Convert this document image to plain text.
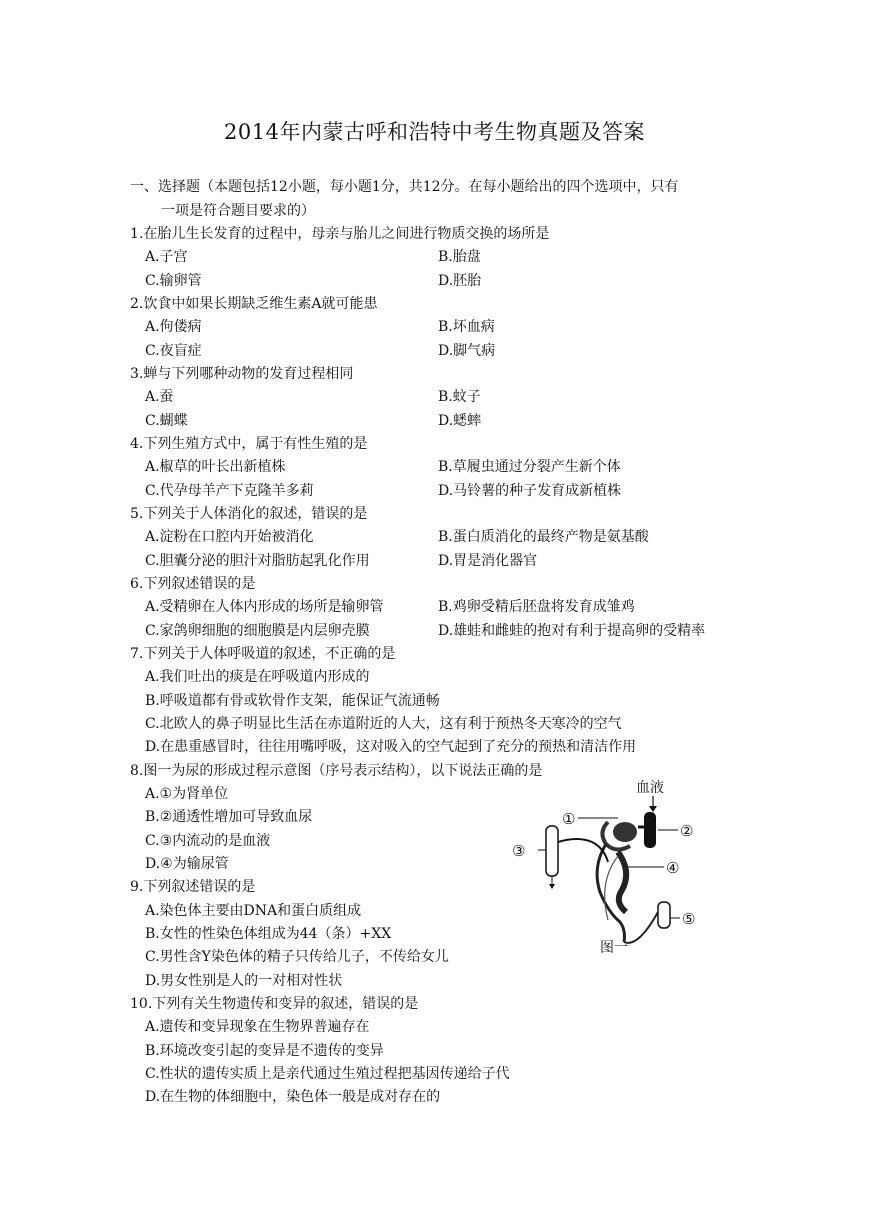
2014年内蒙古呼和浩特中考生物真题及答案
一、选择题（本题包括12小题，每小题1分，共12分。在每小题给出的四个选项中，只有
一项是符合题目要求的）
1.在胎儿生长发育的过程中，母亲与胎儿之间进行物质交换的场所是
A.子宫	B.胎盘
C.输卵管	D.胚胎
2.饮食中如果长期缺乏维生素A就可能患
A.佝偻病	B.坏血病
C.夜盲症	D.脚气病
3.蝉与下列哪种动物的发育过程相同
A.蚕	B.蚊子
C.蝴蝶	D.蟋蟀
4.下列生殖方式中，属于有性生殖的是
A.椒草的叶长出新植株	B.草履虫通过分裂产生新个体
C.代孕母羊产下克隆羊多莉	D.马铃薯的种子发育成新植株
5.下列关于人体消化的叙述，错误的是
A.淀粉在口腔内开始被消化	B.蛋白质消化的最终产物是氨基酸
C.胆囊分泌的胆汁对脂肪起乳化作用	D.胃是消化器官
6.下列叙述错误的是
A.受精卵在人体内形成的场所是输卵管	B.鸡卵受精后胚盘将发育成雏鸡
C.家鸽卵细胞的细胞膜是内层卵壳膜	D.雄蛙和雌蛙的抱对有利于提高卵的受精率
7.下列关于人体呼吸道的叙述，不正确的是
A.我们吐出的痰是在呼吸道内形成的
B.呼吸道都有骨或软骨作支架，能保证气流通畅
C.北欧人的鼻子明显比生活在赤道附近的人大，这有利于预热冬天寒冷的空气
D.在患重感冒时，往往用嘴呼吸，这对吸入的空气起到了充分的预热和清洁作用
8.图一为尿的形成过程示意图（序号表示结构），以下说法正确的是
A.①为肾单位
B.②通透性增加可导致血尿
C.③内流动的是血液
D.④为输尿管
9.下列叙述错误的是
A.染色体主要由DNA和蛋白质组成
B.女性的性染色体组成为44（条）+XX
C.男性含Y染色体的精子只传给儿子，不传给女儿
D.男女性别是人的一对相对性状
10.下列有关生物遗传和变异的叙述，错误的是
A.遗传和变异现象在生物界普遍存在
B.环境改变引起的变异是不遗传的变异
C.性状的遗传实质上是亲代通过生殖过程把基因传递给子代
D.在生物的体细胞中，染色体一般是成对存在的
血液
①
②
③
④
⑤
图一
